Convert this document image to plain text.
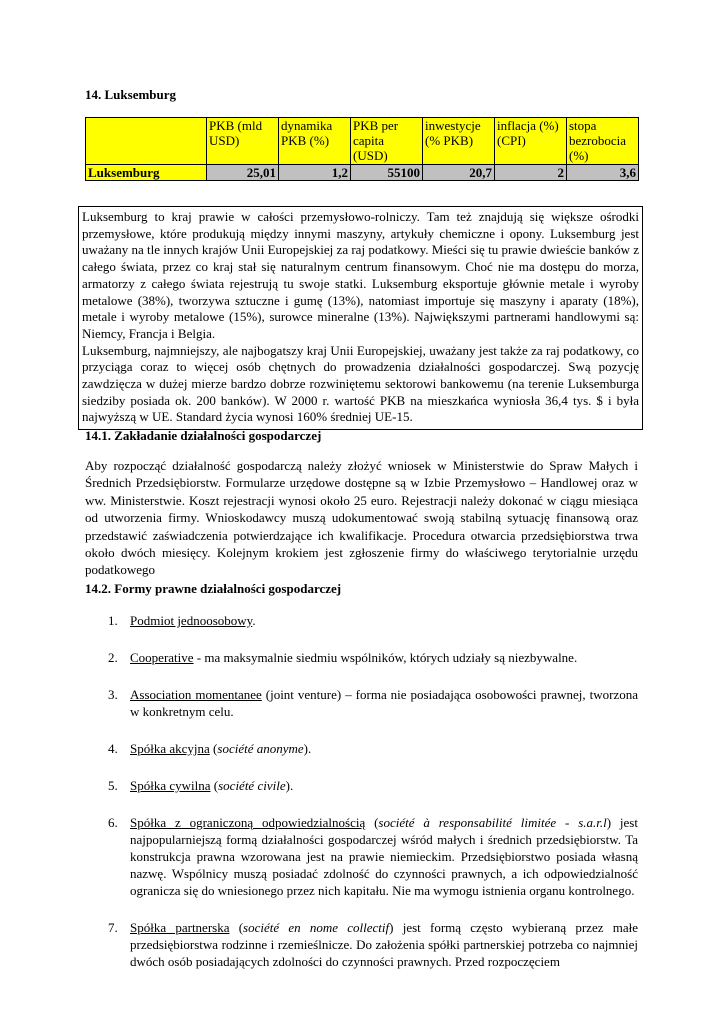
14. Luksemburg
	PKB (mld USD)	dynamika PKB (%)	PKB per capita (USD)	inwestycje (% PKB)	inflacja (%) (CPI)	stopa bezrobocia (%)
Luksemburg	25,01	1,2	55100	20,7	2	3,6

Luksemburg to kraj prawie w całości przemysłowo-rolniczy. Tam też znajdują się większe ośrodki przemysłowe, które produkują między innymi maszyny, artykuły chemiczne i opony. Luksemburg jest uważany na tle innych krajów Unii Europejskiej za raj podatkowy. Mieści się tu prawie dwieście banków z całego świata, przez co kraj stał się naturalnym centrum finansowym. Choć nie ma dostępu do morza, armatorzy z całego świata rejestrują tu swoje statki. Luksemburg eksportuje głównie metale i wyroby metalowe (38%), tworzywa sztuczne i gumę (13%), natomiast importuje się maszyny i aparaty (18%), metale i wyroby metalowe (15%), surowce mineralne (13%). Największymi partnerami handlowymi są: Niemcy, Francja i Belgia.

Luksemburg, najmniejszy, ale najbogatszy kraj Unii Europejskiej, uważany jest także za raj podatkowy, co przyciąga coraz to więcej osób chętnych do prowadzenia działalności gospodarczej. Swą pozycję zawdzięcza w dużej mierze bardzo dobrze rozwiniętemu sektorowi bankowemu (na terenie Luksemburga siedziby posiada ok. 200 banków). W 2000 r. wartość PKB na mieszkańca wyniosła 36,4 tys. $ i była najwyższą w UE. Standard życia wynosi 160% średniej UE-15.

14.1. Zakładanie działalności gospodarczej

Aby rozpocząć działalność gospodarczą należy złożyć wniosek w Ministerstwie do Spraw Małych i Średnich Przedsiębiorstw. Formularze urzędowe dostępne są w Izbie Przemysłowo – Handlowej oraz w ww. Ministerstwie. Koszt rejestracji wynosi około 25 euro. Rejestracji należy dokonać w ciągu miesiąca od utworzenia firmy. Wnioskodawcy muszą udokumentować swoją stabilną sytuację finansową oraz przedstawić zaświadczenia potwierdzające ich kwalifikacje. Procedura otwarcia przedsiębiorstwa trwa około dwóch miesięcy. Kolejnym krokiem jest zgłoszenie firmy do właściwego terytorialnie urzędu podatkowego

14.2. Formy prawne działalności gospodarczej
1. Podmiot jednoosobowy.
2. Cooperative - ma maksymalnie siedmiu wspólników, których udziały są niezbywalne.
3. Association momentanee (joint venture) – forma nie posiadająca osobowości prawnej, tworzona w konkretnym celu.
4. Spółka akcyjna (société anonyme).
5. Spółka cywilna (société civile).
6. Spółka z ograniczoną odpowiedzialnością (société à responsabilité limitée - s.a.r.l) jest najpopularniejszą formą działalności gospodarczej wśród małych i średnich przedsiębiorstw. Ta konstrukcja prawna wzorowana jest na prawie niemieckim. Przedsiębiorstwo posiada własną nazwę. Wspólnicy muszą posiadać zdolność do czynności prawnych, a ich odpowiedzialność ogranicza się do wniesionego przez nich kapitału. Nie ma wymogu istnienia organu kontrolnego.
7. Spółka partnerska (société en nome collectif) jest formą często wybieraną przez małe przedsiębiorstwa rodzinne i rzemieślnicze. Do założenia spółki partnerskiej potrzeba co najmniej dwóch osób posiadających zdolności do czynności prawnych. Przed rozpoczęciem
